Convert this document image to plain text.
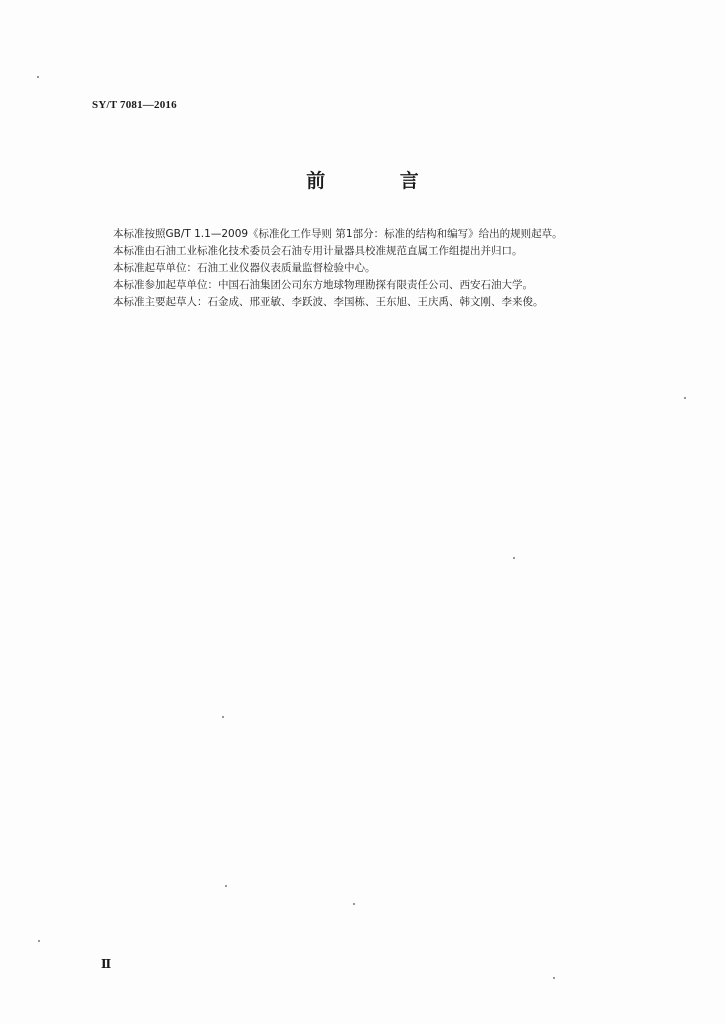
SY/T 7081—2016
前 言

本标准按照GB/T 1.1—2009《标准化工作导则 第1部分：标准的结构和编写》给出的规则起草。

本标准由石油工业标准化技术委员会石油专用计量器具校准规范直属工作组提出并归口。

本标准起草单位：石油工业仪器仪表质量监督检验中心。

本标准参加起草单位：中国石油集团公司东方地球物理勘探有限责任公司、西安石油大学。

本标准主要起草人：石金成、邢亚敏、李跃波、李国栋、王东旭、王庆禹、韩文刚、李来俊。

Ⅱ
